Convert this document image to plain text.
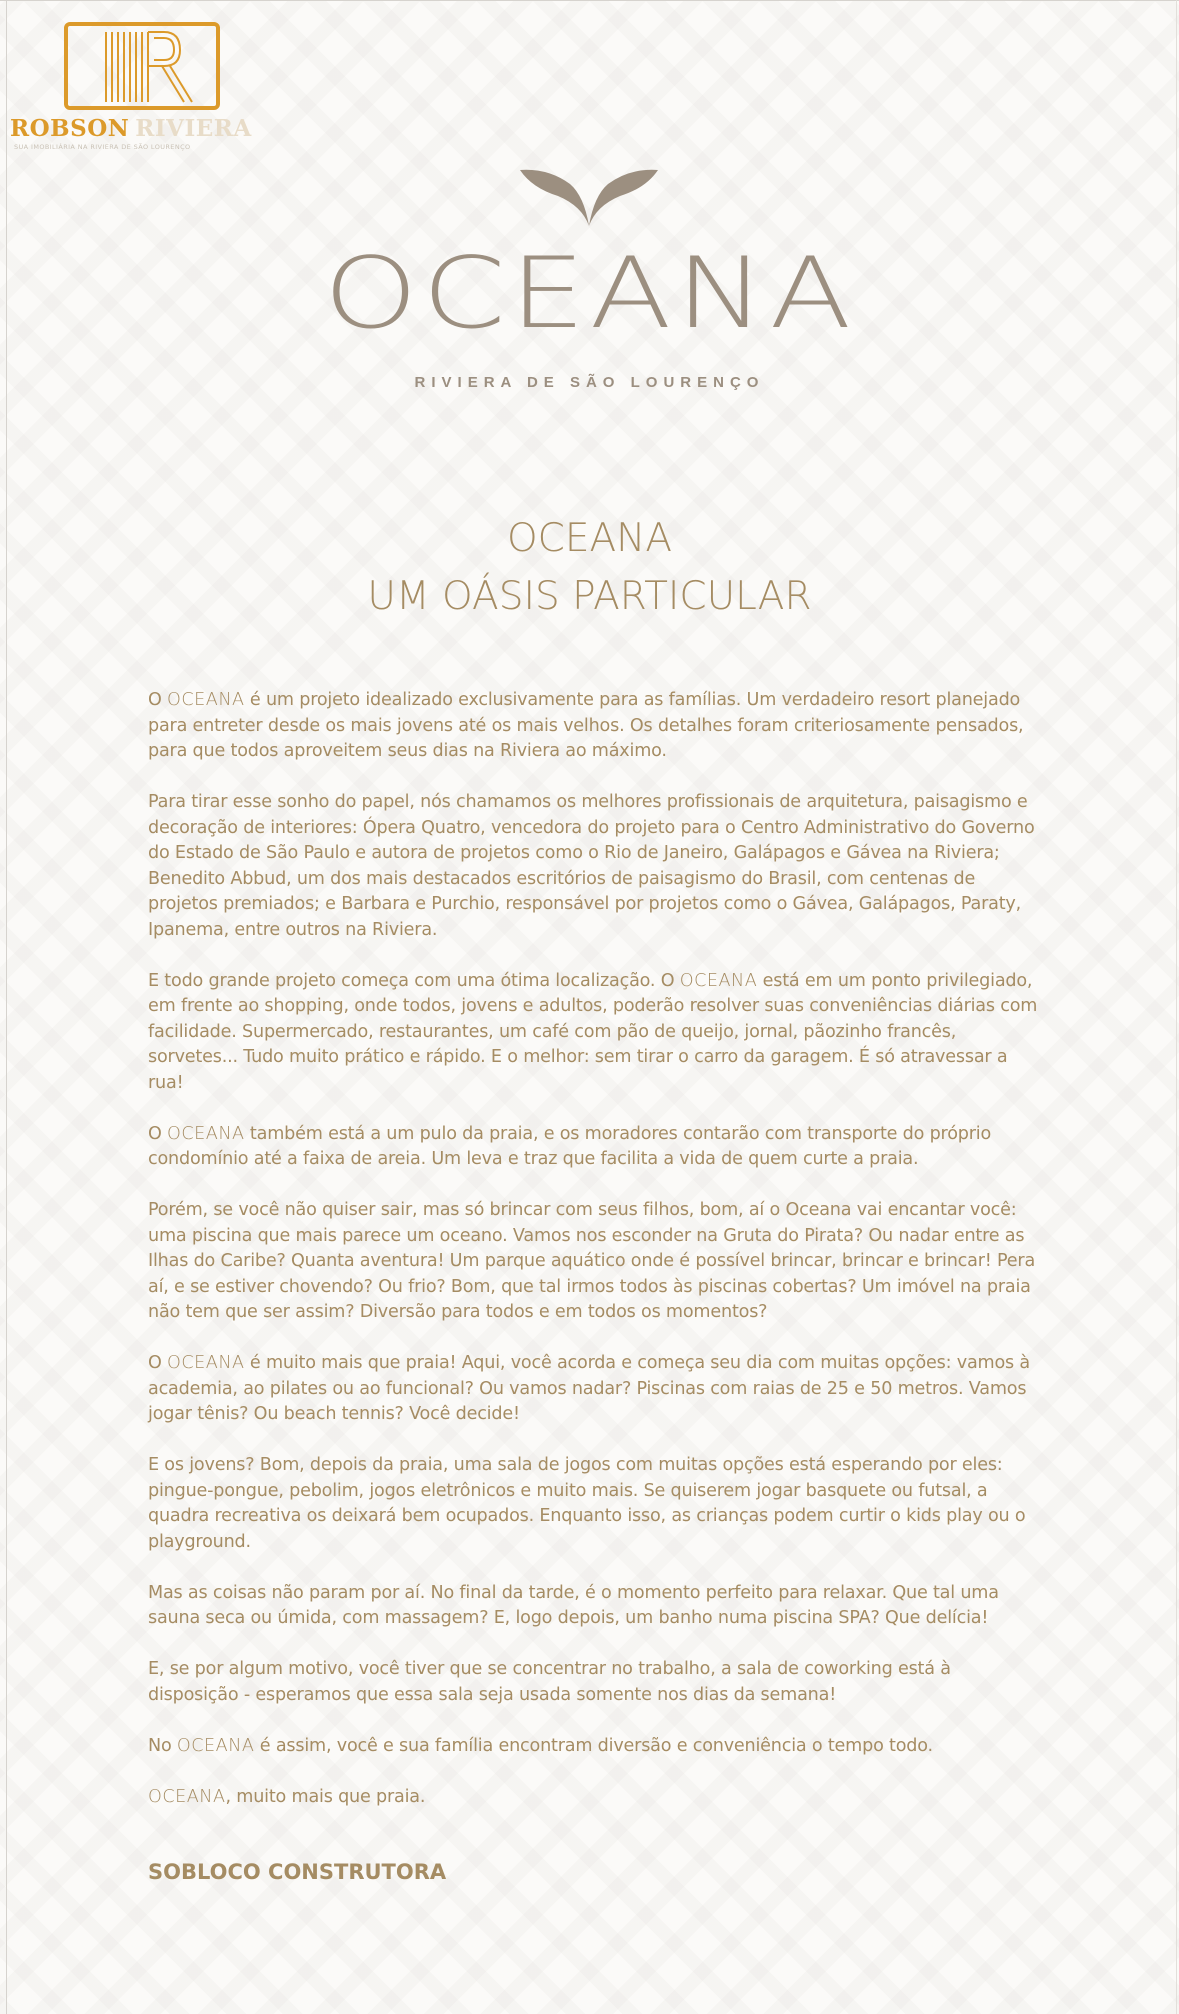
ROBSON RIVIERA
SUA IMOBILIÁRIA NA RIVIERA DE SÃO LOURENÇO
OCEANA
RIVIERA DE SÃO LOURENÇO
OCEANA
UM OÁSIS PARTICULAR

O OCEANA é um projeto idealizado exclusivamente para as famílias. Um verdadeiro resort planejado para entreter desde os mais jovens até os mais velhos. Os detalhes foram criteriosamente pensados, para que todos aproveitem seus dias na Riviera ao máximo.

Para tirar esse sonho do papel, nós chamamos os melhores profissionais de arquitetura, paisagismo e decoração de interiores: Ópera Quatro, vencedora do projeto para o Centro Administrativo do Governo do Estado de São Paulo e autora de projetos como o Rio de Janeiro, Galápagos e Gávea na Riviera; Benedito Abbud, um dos mais destacados escritórios de paisagismo do Brasil, com centenas de projetos premiados; e Barbara e Purchio, responsável por projetos como o Gávea, Galápagos, Paraty, Ipanema, entre outros na Riviera.

E todo grande projeto começa com uma ótima localização. O OCEANA está em um ponto privilegiado, em frente ao shopping, onde todos, jovens e adultos, poderão resolver suas conveniências diárias com facilidade. Supermercado, restaurantes, um café com pão de queijo, jornal, pãozinho francês, sorvetes... Tudo muito prático e rápido. E o melhor: sem tirar o carro da garagem. É só atravessar a rua!

O OCEANA também está a um pulo da praia, e os moradores contarão com transporte do próprio condomínio até a faixa de areia. Um leva e traz que facilita a vida de quem curte a praia.

Porém, se você não quiser sair, mas só brincar com seus filhos, bom, aí o Oceana vai encantar você: uma piscina que mais parece um oceano. Vamos nos esconder na Gruta do Pirata? Ou nadar entre as Ilhas do Caribe? Quanta aventura! Um parque aquático onde é possível brincar, brincar e brincar! Pera aí, e se estiver chovendo? Ou frio? Bom, que tal irmos todos às piscinas cobertas? Um imóvel na praia não tem que ser assim? Diversão para todos e em todos os momentos?

O OCEANA é muito mais que praia! Aqui, você acorda e começa seu dia com muitas opções: vamos à academia, ao pilates ou ao funcional? Ou vamos nadar? Piscinas com raias de 25 e 50 metros. Vamos jogar tênis? Ou beach tennis? Você decide!

E os jovens? Bom, depois da praia, uma sala de jogos com muitas opções está esperando por eles: pingue-pongue, pebolim, jogos eletrônicos e muito mais. Se quiserem jogar basquete ou futsal, a quadra recreativa os deixará bem ocupados. Enquanto isso, as crianças podem curtir o kids play ou o playground.

Mas as coisas não param por aí. No final da tarde, é o momento perfeito para relaxar. Que tal uma sauna seca ou úmida, com massagem? E, logo depois, um banho numa piscina SPA? Que delícia!

E, se por algum motivo, você tiver que se concentrar no trabalho, a sala de coworking está à disposição - esperamos que essa sala seja usada somente nos dias da semana!

No OCEANA é assim, você e sua família encontram diversão e conveniência o tempo todo.

OCEANA, muito mais que praia.

SOBLOCO CONSTRUTORA
